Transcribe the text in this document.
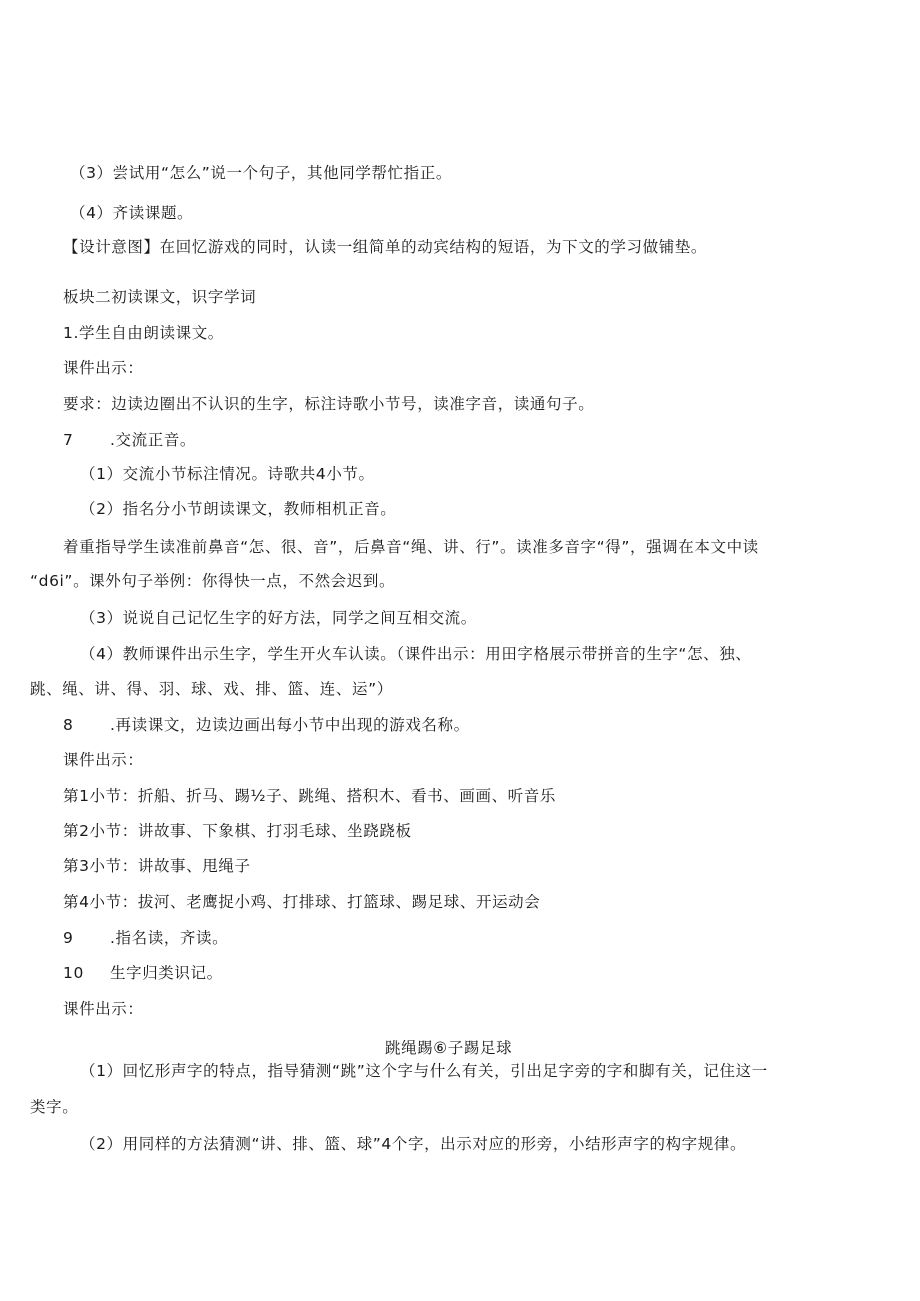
（3）尝试用“怎么”说一个句子，其他同学帮忙指正。
（4）齐读课题。
【设计意图】在回忆游戏的同时，认读一组简单的动宾结构的短语，为下文的学习做铺垫。
板块二初读课文，识字学词
1.学生自由朗读课文。
课件出示：
要求：边读边圈出不认识的生字，标注诗歌小节号，读准字音，读通句子。
7 .交流正音。
（1）交流小节标注情况。诗歌共4小节。
（2）指名分小节朗读课文，教师相机正音。
着重指导学生读准前鼻音“怎、很、音”，后鼻音“绳、讲、行”。读准多音字“得”，强调在本文中读
“d6i”。课外句子举例：你得快一点，不然会迟到。
（3）说说自己记忆生字的好方法，同学之间互相交流。
（4）教师课件出示生字，学生开火车认读。（课件出示：用田字格展示带拼音的生字“怎、独、
跳、绳、讲、得、羽、球、戏、排、篮、连、运”）
8 .再读课文，边读边画出每小节中出现的游戏名称。
课件出示：
第1小节：折船、折马、踢½子、跳绳、搭积木、看书、画画、听音乐
第2小节：讲故事、下象棋、打羽毛球、坐跷跷板
第3小节：讲故事、甩绳子
第4小节：拔河、老鹰捉小鸡、打排球、打篮球、踢足球、开运动会
9 .指名读，齐读。
10 生字归类识记。
课件出示：
跳绳踢⑥子踢足球
（1）回忆形声字的特点，指导猜测“跳”这个字与什么有关，引出足字旁的字和脚有关，记住这一
类字。
（2）用同样的方法猜测“讲、排、篮、球”4个字，出示对应的形旁，小结形声字的构字规律。
